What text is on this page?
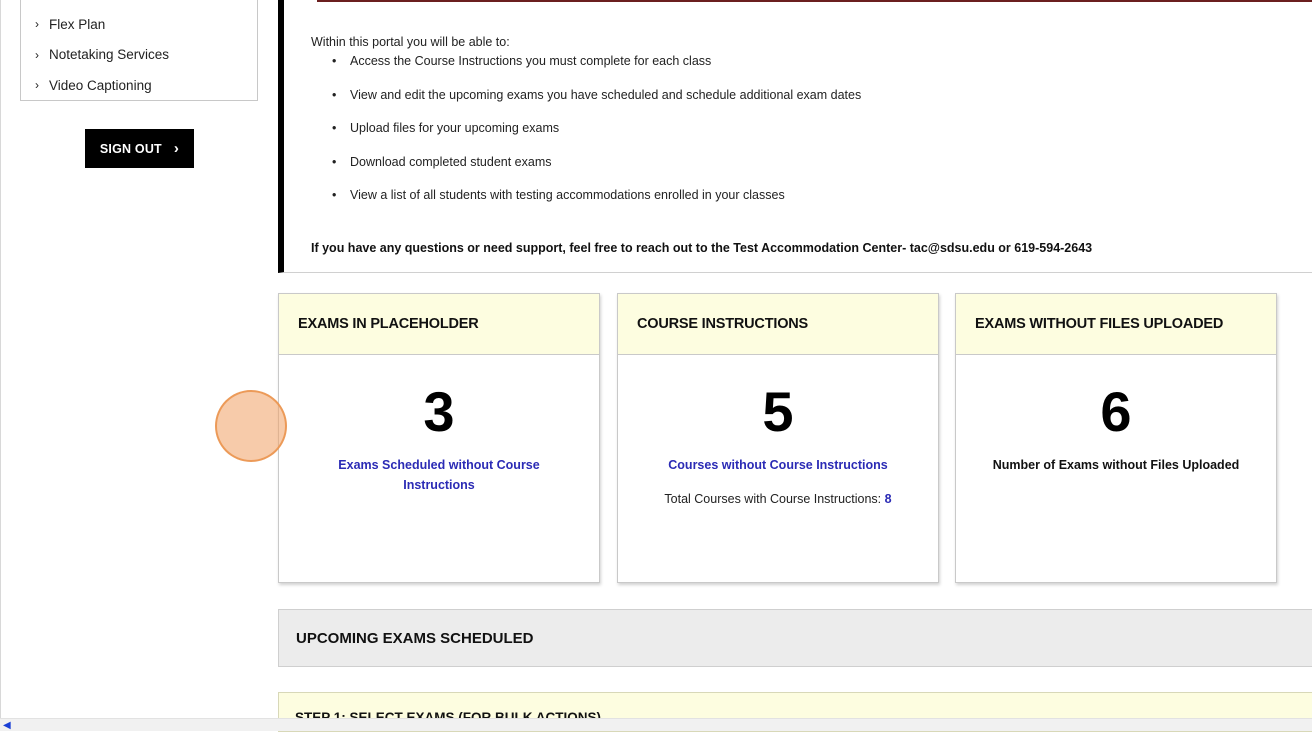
› Flex Plan
› Notetaking Services
› Video Captioning
SIGN OUT ›
Within this portal you will be able to:
• Access the Course Instructions you must complete for each class
• View and edit the upcoming exams you have scheduled and schedule additional exam dates
• Upload files for your upcoming exams
• Download completed student exams
• View a list of all students with testing accommodations enrolled in your classes
If you have any questions or need support, feel free to reach out to the Test Accommodation Center- tac@sdsu.edu or 619-594-2643
EXAMS IN PLACEHOLDER
3
Exams Scheduled without Course Instructions
COURSE INSTRUCTIONS
5
Courses without Course Instructions
Total Courses with Course Instructions: 8
EXAMS WITHOUT FILES UPLOADED
6
Number of Exams without Files Uploaded
UPCOMING EXAMS SCHEDULED
◀
